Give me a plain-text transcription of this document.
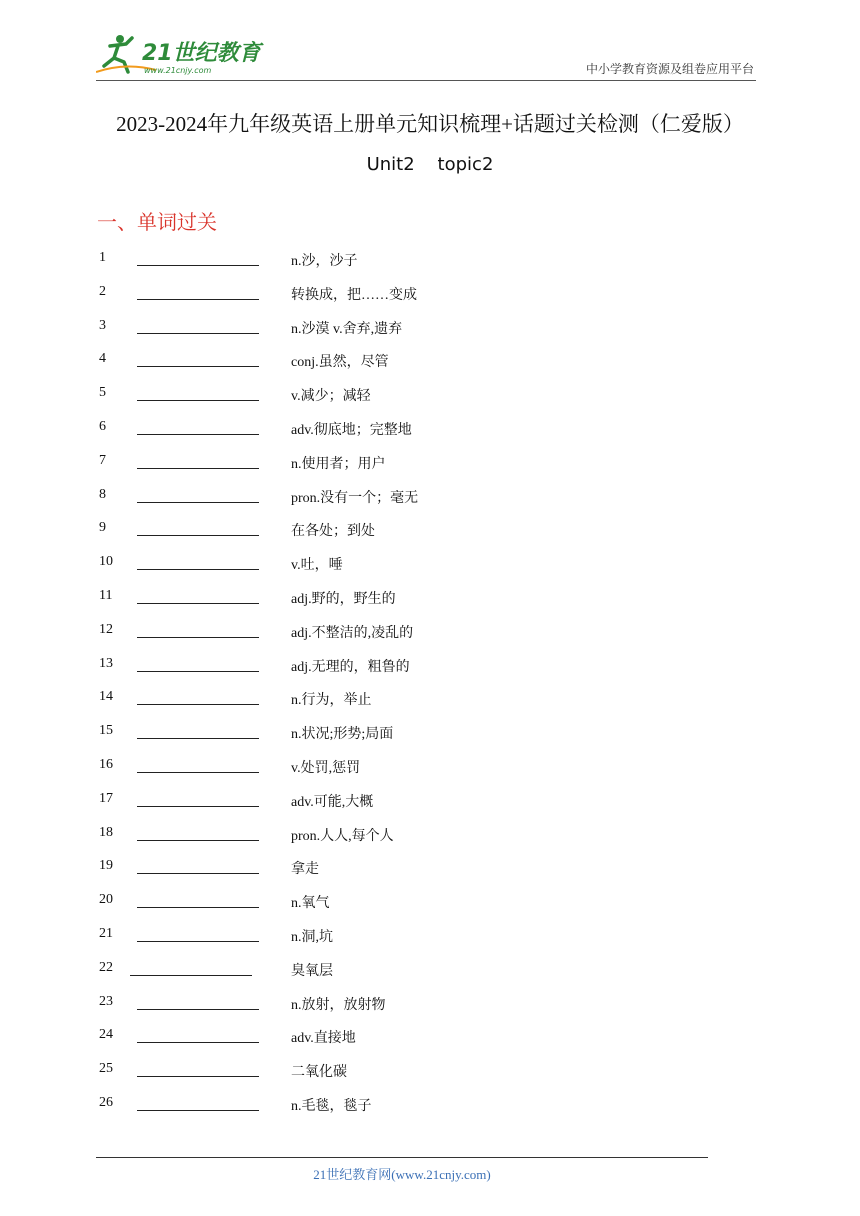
21世纪教育
www.21cnjy.com	中小学教育资源及组卷应用平台
2023-2024年九年级英语上册单元知识梳理+话题过关检测（仁爱版）
Unit2    topic2
一、单词过关
1	n.沙，沙子
2	转换成，把……变成
3	n.沙漠 v.舍弃,遗弃
4	conj.虽然，尽管
5	v.减少；减轻
6	adv.彻底地；完整地
7	n.使用者；用户
8	pron.没有一个；毫无
9	在各处；到处
10	v.吐，唾
11	adj.野的，野生的
12	adj.不整洁的,凌乱的
13	adj.无理的，粗鲁的
14	n.行为，举止
15	n.状况;形势;局面
16	v.处罚,惩罚
17	adv.可能,大概
18	pron.人人,每个人
19	拿走
20	n.氧气
21	n.洞,坑
22	臭氧层
23	n.放射，放射物
24	adv.直接地
25	二氧化碳
26	n.毛毯，毯子
21世纪教育网(www.21cnjy.com)
